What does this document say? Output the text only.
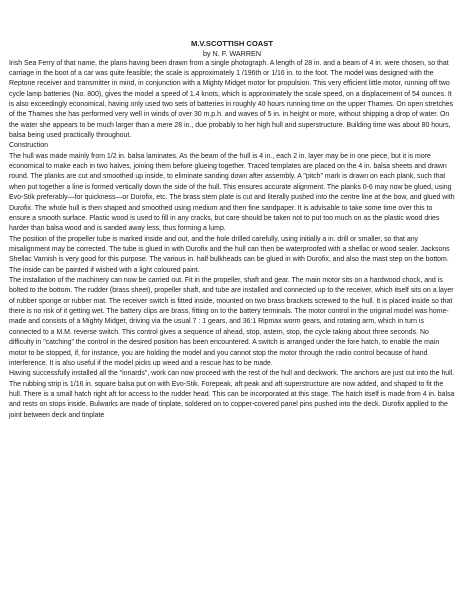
M.V.SCOTTISH COAST
by N. F. WARREN

Irish Sea Ferry of that name, the plans having been drawn from a single photograph. A length of 28 in. and a beam of 4 in. were chosen, so that carriage in the boot of a car was quite feasible; the scale is approximately 1 /196th or 1/16 in. to the foot. The model was designed with the Reptone receiver and transmitter in mind, in conjunction with a Mighty Midget motor for propulsion. This very efficient little motor, running off two cycle lamp batteries (No. 800), gives the model a speed of 1.4 knots, which is approximately the scale speed, on a displacement of 54 ounces. It is also exceedingly economical, having only used two sets of batteries in roughly 40 hours running time on the upper Thames. On open stretches of the Thames she has performed very well in winds of over 30 m.p.h. and waves of 5 in. in height or more, without shipping a drop of water. On the water she appears to be much larger than a mere 28 in., due probably to her high hull and superstructure. Building time was about 80 hours, balsa being used practically throughout.

Construction

The hull was made mainly from 1/2 in. balsa laminates. As the beam of the hull is 4 in., each 2 in. layer may be in one piece, but it is more economical to make each in two halves, joining them before glueing together. Traced templates are placed on the 4 in. balsa sheets and drawn round. The planks are cut and smoothed up inside, to eliminate sanding down after assembly. A "pitch" mark is drawn on each plank, such that when put together a line is formed vertically down the side of the hull. This ensures accurate alignment. The planks 0-6 may now be glued, using Evo-Stik preferably—for quickness—or Durofix, etc. The brass stem plate is cut and literally pushed into the centre line at the bow, and glued with Durofix. The whole hull is then shaped and smoothed using medium and then fine sandpaper. It is advisable to take some time over this to ensure a smooth surface. Plastic wood is used to fill in any cracks, but care should be taken not to put too much on as the plastic wood dries harder than balsa wood and is sanded away less, thus forming a lump.

The position of the propeller tube is marked inside and out, and the hole drilled carefully, using initially a in. drill or smaller, so that any misalignment may be corrected. The tube is glued in with Durofix and the hull can then be waterproofed with a shellac or wood sealer. Jacksons Shellac Varnish is very good for this purpose. The various in. half bulkheads can be glued in with Durofix, and also the mast step on the bottom. The inside can be painted if wished with a light coloured paint.

The installation of the machinery can now be carried out. Fit in the propeller, shaft and gear. The main motor sits on a hardwood chock, and is bolted to the bottom. The rudder (brass sheet), propeller shaft, and tube are installed and connected up to the receiver, which itself sits on a layer of rubber sponge or rubber mat. The receiver switch is fitted inside, mounted on two brass brackets screwed to the hull. It is placed inside so that there is no risk of it getting wet. The battery clips are brass, fitting on to the battery terminals. The motor control in the original model was home-made and consists of a Mighty Midget, driving via the usual 7 : 1 gears, and 36:1 Ripmax worm gears, and rotating arm, which in turn is connected to a M.M. reverse switch. This control gives a sequence of ahead, stop, astern, stop, the cycle taking about three seconds. No difficulty in "catching" the control in the desired position has been encountered. A switch is arranged under the fore hatch, to enable the main motor to be stopped, if, for instance, you are holding the model and you cannot stop the motor through the radio control because of hand interference. It is also useful if the model picks up weed and a rescue has to be made.

Having successfully installed all the "innards", work can now proceed with the rest of the hull and deckwork. The anchors are just cut into the hull. The rubbing strip is 1/16 in. square balsa put on with Evo-Stik. Forepeak, aft peak and aft superstructure are now added, and shaped to fit the hull. There is a small hatch right aft for access to the rudder head. This can be incorporated at this stage. The hatch itself is made from 4 in. balsa and rests on stops inside. Bulwarks are made of tinplate, soldered on to copper-covered panel pins pushed into the deck. Durofix applied to the joint between deck and tinplate
